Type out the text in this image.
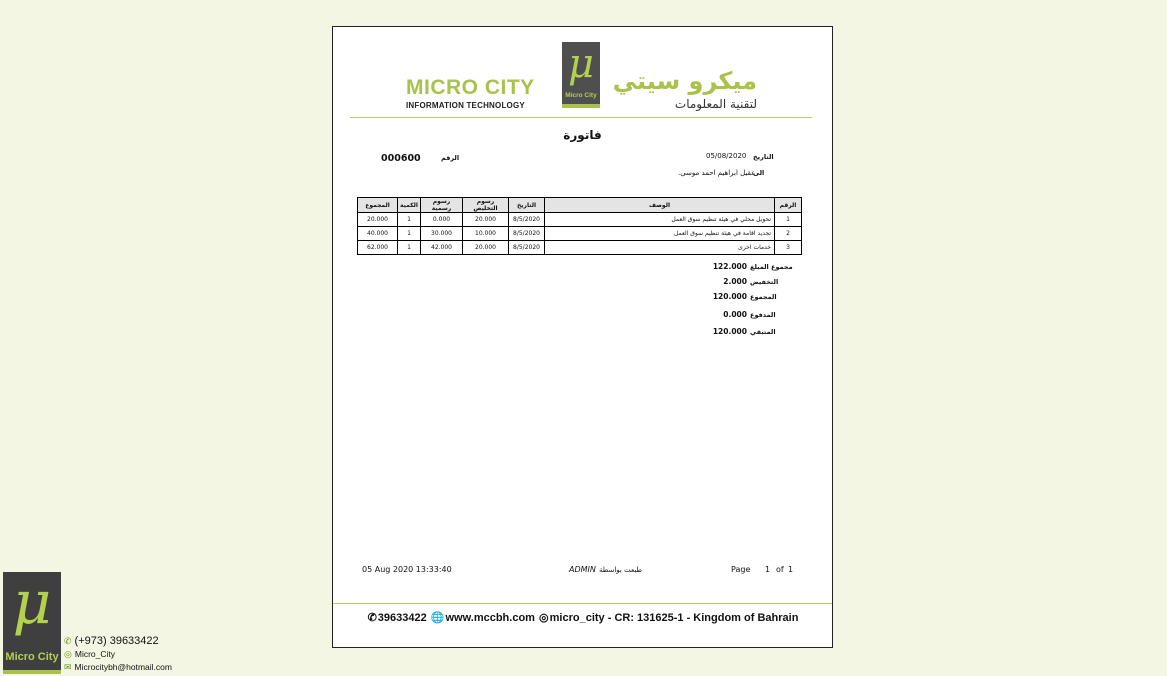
MICRO CITY
INFORMATION TECHNOLOGY
μ
Micro City
ميكرو سيتي
لتقنية المعلومات
فاتورة
الرقم
000600	التاريخ
05/08/2020
الى
عقيل ابراهيم احمد موسى.
الرقم	الوصف	التاريخ	رسوم التخليص	رسوم رسمية	الكمية	المجموع
1	تحويل محلي في هيئة تنظيم سوق العمل	8/5/2020	20.000	0.000	1	20.000
2	تجديد اقامة في هيئة تنظيم سوق العمل	8/5/2020	10.000	30.000	1	40.000
3	خدمات اخرى	8/5/2020	20.000	42.000	1	62.000
مجموع المبلغ
122.000
التخفيض
2.000
المجموع
120.000
المدفوع
0.000
المتبقي
120.000
05 Aug 2020 13:33:40	ADMIN طبعت بواسطة	Page 1 of 1
✆39633422 🌐www.mccbh.com ◎micro_city - CR: 131625-1 - Kingdom of Bahrain
μ
Micro City
✆ (+973) 39633422
◎ Micro_City
✉ Microcitybh@hotmail.com
